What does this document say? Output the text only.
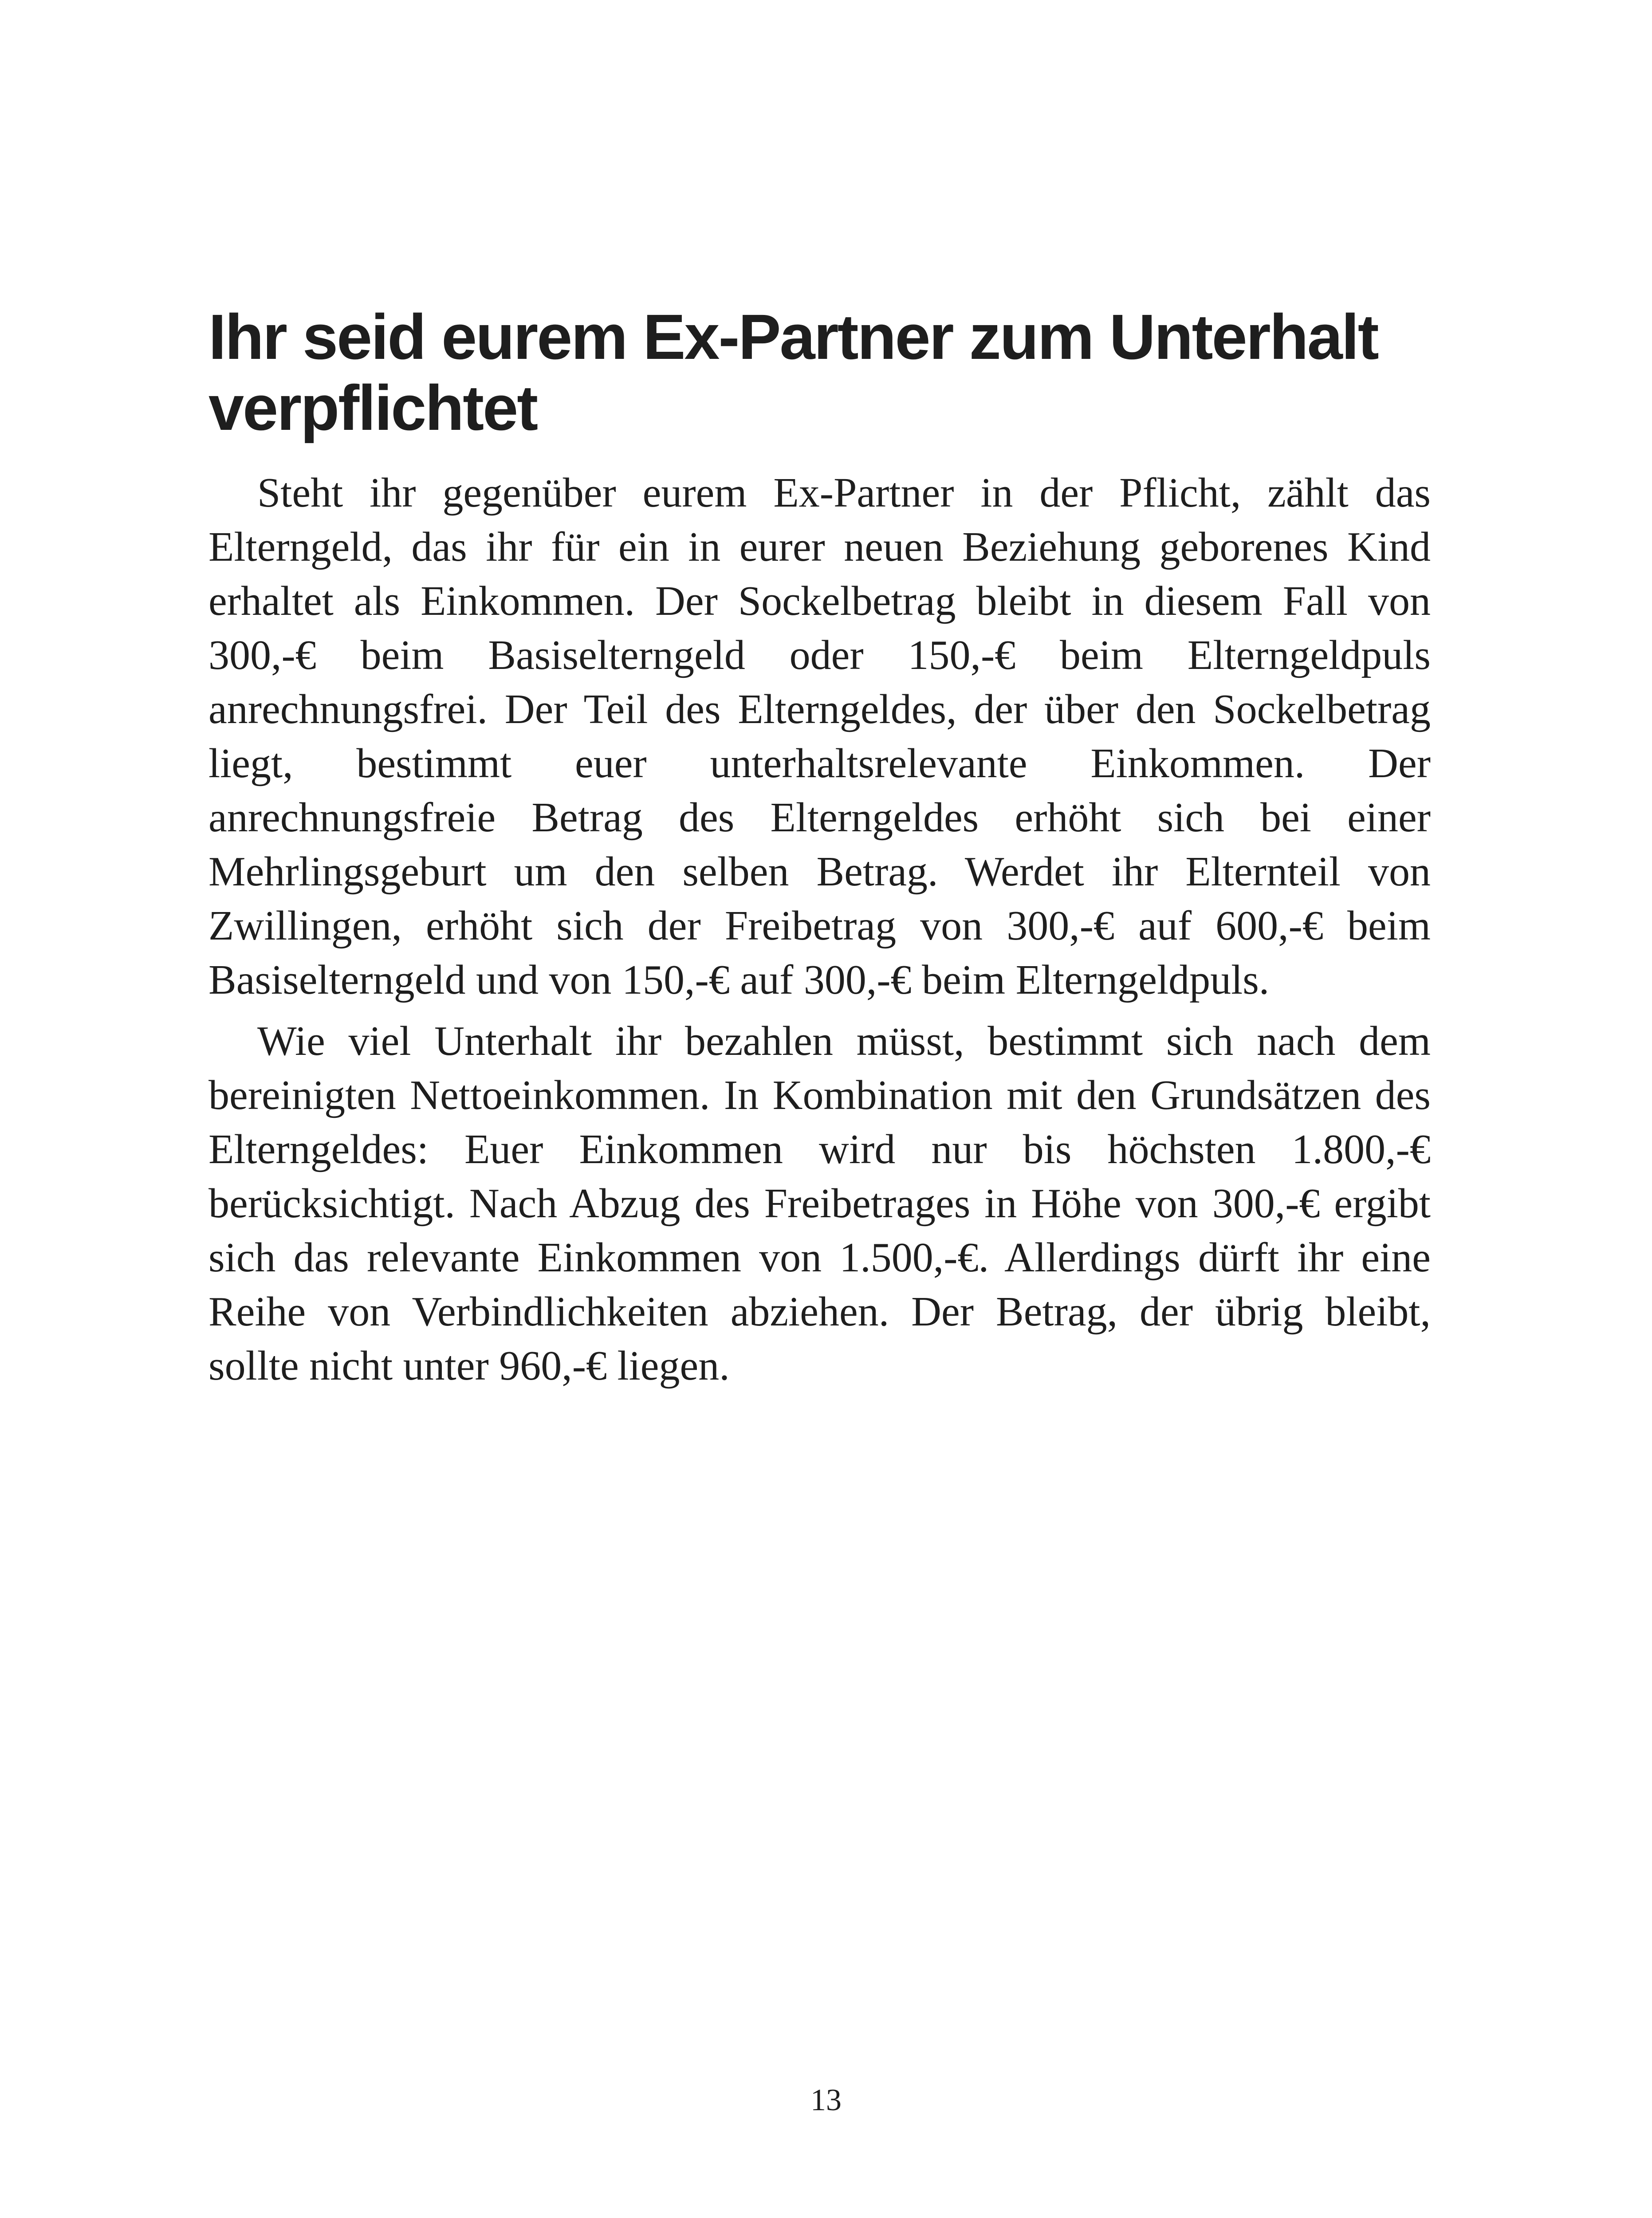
Ihr seid eurem Ex-Partner zum Unterhalt verpflichtet

Steht ihr gegenüber eurem Ex-Partner in der Pflicht, zählt das Elterngeld, das ihr für ein in eurer neuen Beziehung geborenes Kind erhaltet als Einkommen. Der Sockelbetrag bleibt in diesem Fall von 300,-€ beim Basiselterngeld oder 150,-€ beim Elterngeldpuls anrechnungsfrei. Der Teil des Elterngeldes, der über den Sockelbetrag liegt, bestimmt euer unterhaltsrelevante Einkommen. Der anrechnungsfreie Betrag des Elterngeldes erhöht sich bei einer Mehrlingsgeburt um den selben Betrag. Werdet ihr Elternteil von Zwillingen, erhöht sich der Freibetrag von 300,-€ auf 600,-€ beim Basiselterngeld und von 150,-€ auf 300,-€ beim Elterngeldpuls.

Wie viel Unterhalt ihr bezahlen müsst, bestimmt sich nach dem bereinigten Nettoeinkommen. In Kombination mit den Grundsätzen des Elterngeldes: Euer Einkommen wird nur bis höchsten 1.800,-€ berücksichtigt. Nach Abzug des Freibetrages in Höhe von 300,-€ ergibt sich das relevante Einkommen von 1.500,-€. Allerdings dürft ihr eine Reihe von Verbindlichkeiten abziehen. Der Betrag, der übrig bleibt, sollte nicht unter 960,-€ liegen.

13
